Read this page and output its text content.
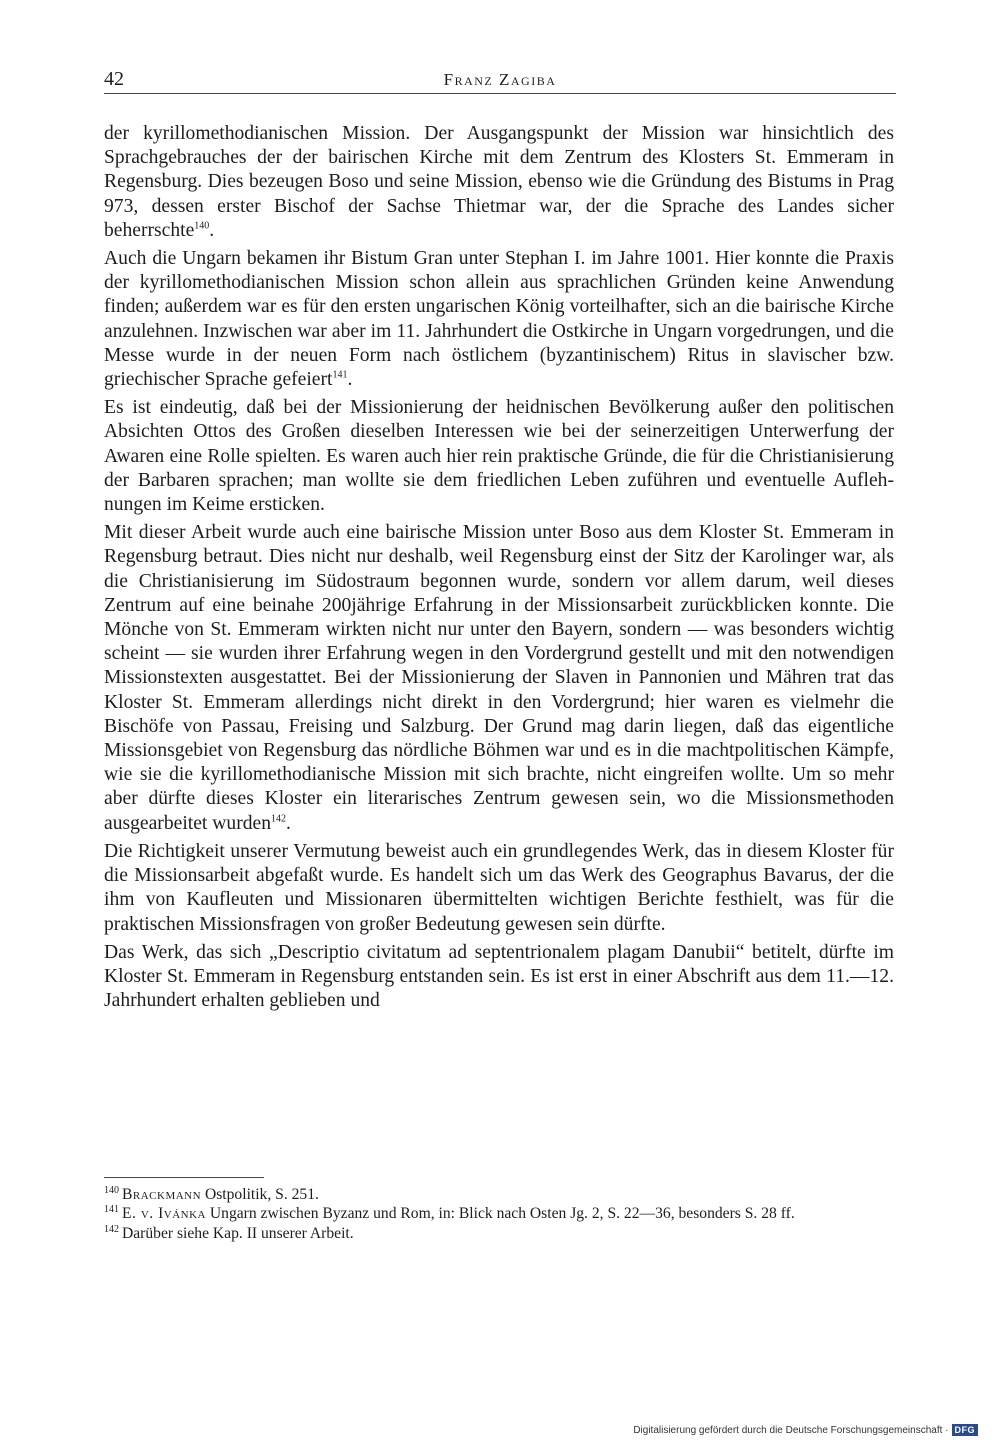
42	Franz Zagiba

der kyrillomethodianischen Mission. Der Ausgangspunkt der Mission war hinsichtlich des Sprachgebrauches der der bairischen Kirche mit dem Zentrum des Klosters St. Emmeram in Regensburg. Dies bezeugen Boso und seine Mission, ebenso wie die Gründung des Bistums in Prag 973, dessen erster Bischof der Sachse Thietmar war, der die Sprache des Landes sicher beherrschte$^{140}$.

Auch die Ungarn bekamen ihr Bistum Gran unter Stephan I. im Jahre 1001. Hier konnte die Praxis der kyrillomethodianischen Mission schon allein aus sprachlichen Gründen keine Anwendung finden; außerdem war es für den ersten ungarischen König vorteilhafter, sich an die bairische Kirche anzulehnen. Inzwischen war aber im 11. Jahrhundert die Ostkirche in Ungarn vorgedrungen, und die Messe wurde in der neuen Form nach östlichem (byzantinischem) Ritus in slavischer bzw. griechischer Sprache gefeiert$^{141}$.

Es ist eindeutig, daß bei der Missionierung der heidnischen Bevölkerung außer den politischen Absichten Ottos des Großen dieselben Interessen wie bei der seinerzeitigen Unterwerfung der Awaren eine Rolle spielten. Es waren auch hier rein praktische Gründe, die für die Christianisierung der Barbaren sprachen; man wollte sie dem friedlichen Leben zuführen und eventuelle Auflehnungen im Keime ersticken.

Mit dieser Arbeit wurde auch eine bairische Mission unter Boso aus dem Kloster St. Emmeram in Regensburg betraut. Dies nicht nur deshalb, weil Regensburg einst der Sitz der Karolinger war, als die Christianisierung im Südostraum begonnen wurde, sondern vor allem darum, weil dieses Zentrum auf eine beinahe 200jährige Erfahrung in der Missionsarbeit zurückblicken konnte. Die Mönche von St. Emmeram wirkten nicht nur unter den Bayern, sondern — was besonders wichtig scheint — sie wurden ihrer Erfahrung wegen in den Vordergrund gestellt und mit den notwendigen Missionstexten ausgestattet. Bei der Missionierung der Slaven in Pannonien und Mähren trat das Kloster St. Emmeram allerdings nicht direkt in den Vordergrund; hier waren es vielmehr die Bischöfe von Passau, Freising und Salzburg. Der Grund mag darin liegen, daß das eigentliche Missionsgebiet von Regensburg das nördliche Böhmen war und es in die machtpolitischen Kämpfe, wie sie die kyrillomethodianische Mission mit sich brachte, nicht eingreifen wollte. Um so mehr aber dürfte dieses Kloster ein literarisches Zentrum gewesen sein, wo die Missionsmethoden ausgearbeitet wurden$^{142}$.

Die Richtigkeit unserer Vermutung beweist auch ein grundlegendes Werk, das in diesem Kloster für die Missionsarbeit abgefaßt wurde. Es handelt sich um das Werk des Geographus Bavarus, der die ihm von Kaufleuten und Missionaren übermittelten wichtigen Berichte festhielt, was für die praktischen Missionsfragen von großer Bedeutung gewesen sein dürfte.

Das Werk, das sich „Descriptio civitatum ad septentrionalem plagam Danubii“ betitelt, dürfte im Kloster St. Emmeram in Regensburg entstanden sein. Es ist erst in einer Abschrift aus dem 11.—12. Jahrhundert erhalten geblieben und

$^{140}$ Brackmann Ostpolitik, S. 251.

$^{141}$ E. v. Ivánka Ungarn zwischen Byzanz und Rom, in: Blick nach Osten Jg. 2, S. 22—36, besonders S. 28 ff.

$^{142}$ Darüber siehe Kap. II unserer Arbeit.

Digitalisierung gefördert durch die Deutsche Forschungsgemeinschaft · DFG
